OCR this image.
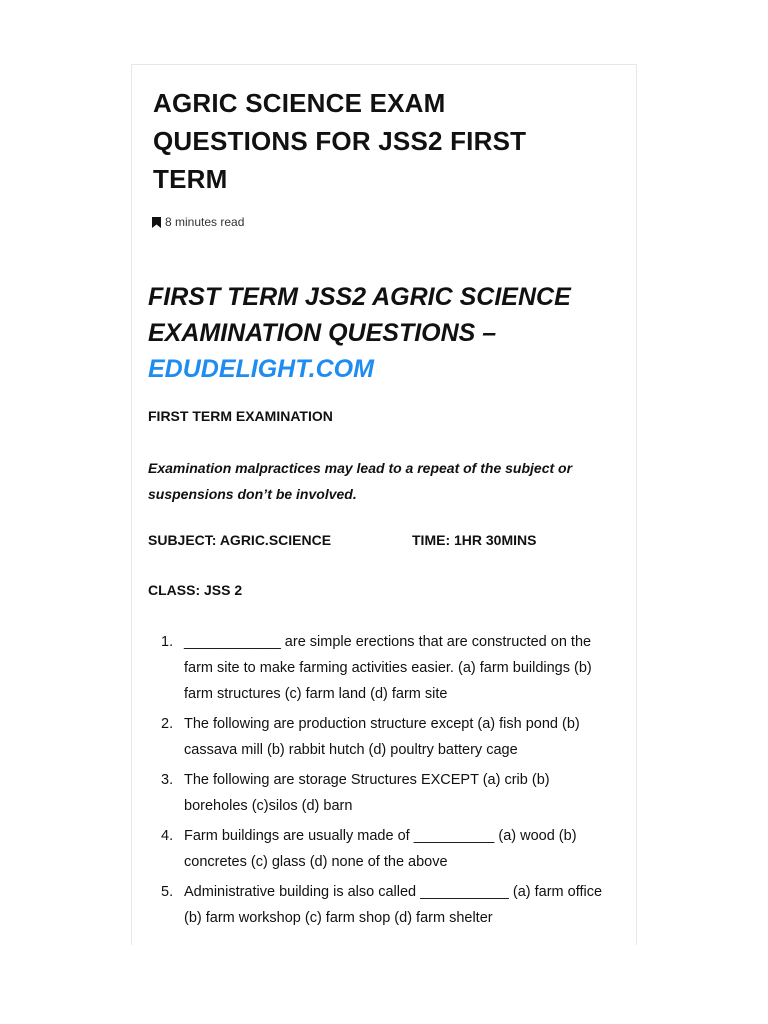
AGRIC SCIENCE EXAM QUESTIONS FOR JSS2 FIRST TERM
8 minutes read
FIRST TERM JSS2 AGRIC SCIENCE EXAMINATION QUESTIONS –
EDUDELIGHT.COM

FIRST TERM EXAMINATION

Examination malpractices may lead to a repeat of the subject or suspensions don’t be involved.

SUBJECT: AGRIC.SCIENCE	TIME: 1HR 30MINS

CLASS: JSS 2

1. ____________ are simple erections that are constructed on the farm site to make farming activities easier. (a) farm buildings (b) farm structures (c) farm land (d) farm site
2. The following are production structure except (a) fish pond (b) cassava mill (b) rabbit hutch (d) poultry battery cage
3. The following are storage Structures EXCEPT (a) crib (b) boreholes (c)silos (d) barn
4. Farm buildings are usually made of __________ (a) wood (b) concretes (c) glass (d) none of the above
5. Administrative building is also called ___________ (a) farm office (b) farm workshop (c) farm shop (d) farm shelter
